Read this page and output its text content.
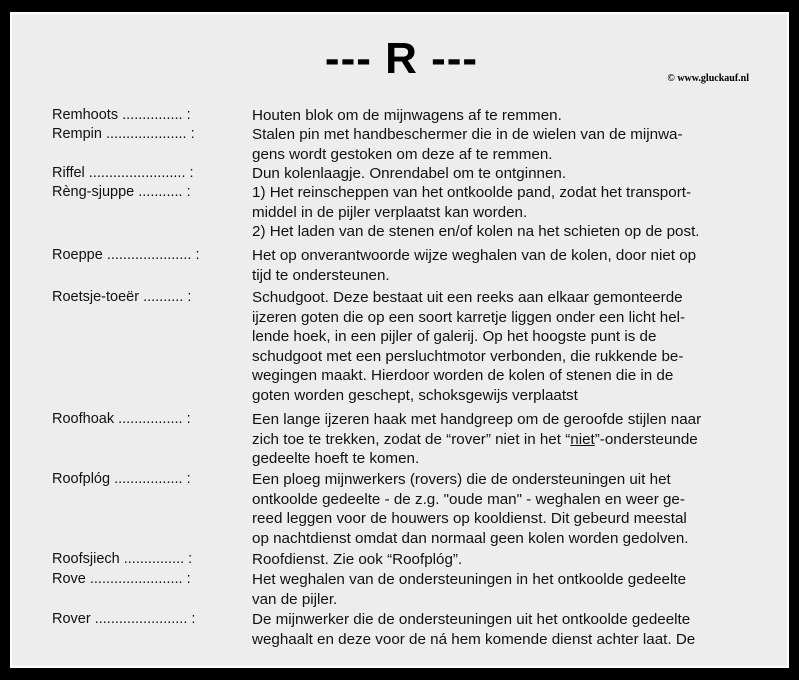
--- R ---	© www.gluckauf.nl
Remhoots ............... :	Houten blok om de mijnwagens af te remmen.
Rempin .................... :	Stalen pin met handbeschermer die in de wielen van de mijnwa-
gens wordt gestoken om deze af te remmen.
Riffel ........................ :	Dun kolenlaagje. Onrendabel om te ontginnen.
Rèng-sjuppe ........... :	1) Het reinscheppen van het ontkoolde pand, zodat het transport-
middel in de pijler verplaatst kan worden.
2) Het laden van de stenen en/of kolen na het schieten op de post.
Roeppe ..................... :	Het op onverantwoorde wijze weghalen van de kolen, door niet op
tijd te ondersteunen.
Roetsje-toeër .......... :	Schudgoot. Deze bestaat uit een reeks aan elkaar gemonteerde
ijzeren goten die op een soort karretje liggen onder een licht hel-
lende hoek, in een pijler of galerij. Op het hoogste punt is de
schudgoot met een persluchtmotor verbonden, die rukkende be-
wegingen maakt. Hierdoor worden de kolen of stenen die in de
goten worden geschept, schoksgewijs verplaatst
Roofhoak ................ :	Een lange ijzeren haak met handgreep om de geroofde stijlen naar
zich toe te trekken, zodat de “rover” niet in het “niet”-ondersteunde
gedeelte hoeft te komen.
Roofplóg ................. :	Een ploeg mijnwerkers (rovers) die de ondersteuningen uit het
ontkoolde gedeelte - de z.g. "oude man" - weghalen en weer ge-
reed leggen voor de houwers op kooldienst. Dit gebeurd meestal
op nachtdienst omdat dan normaal geen kolen worden gedolven.
Roofsjiech ............... :	Roofdienst. Zie ook “Roofplóg”.
Rove ....................... :	Het weghalen van de ondersteuningen in het ontkoolde gedeelte
van de pijler.
Rover ....................... :	De mijnwerker die de ondersteuningen uit het ontkoolde gedeelte
weghaalt en deze voor de ná hem komende dienst achter laat. De
